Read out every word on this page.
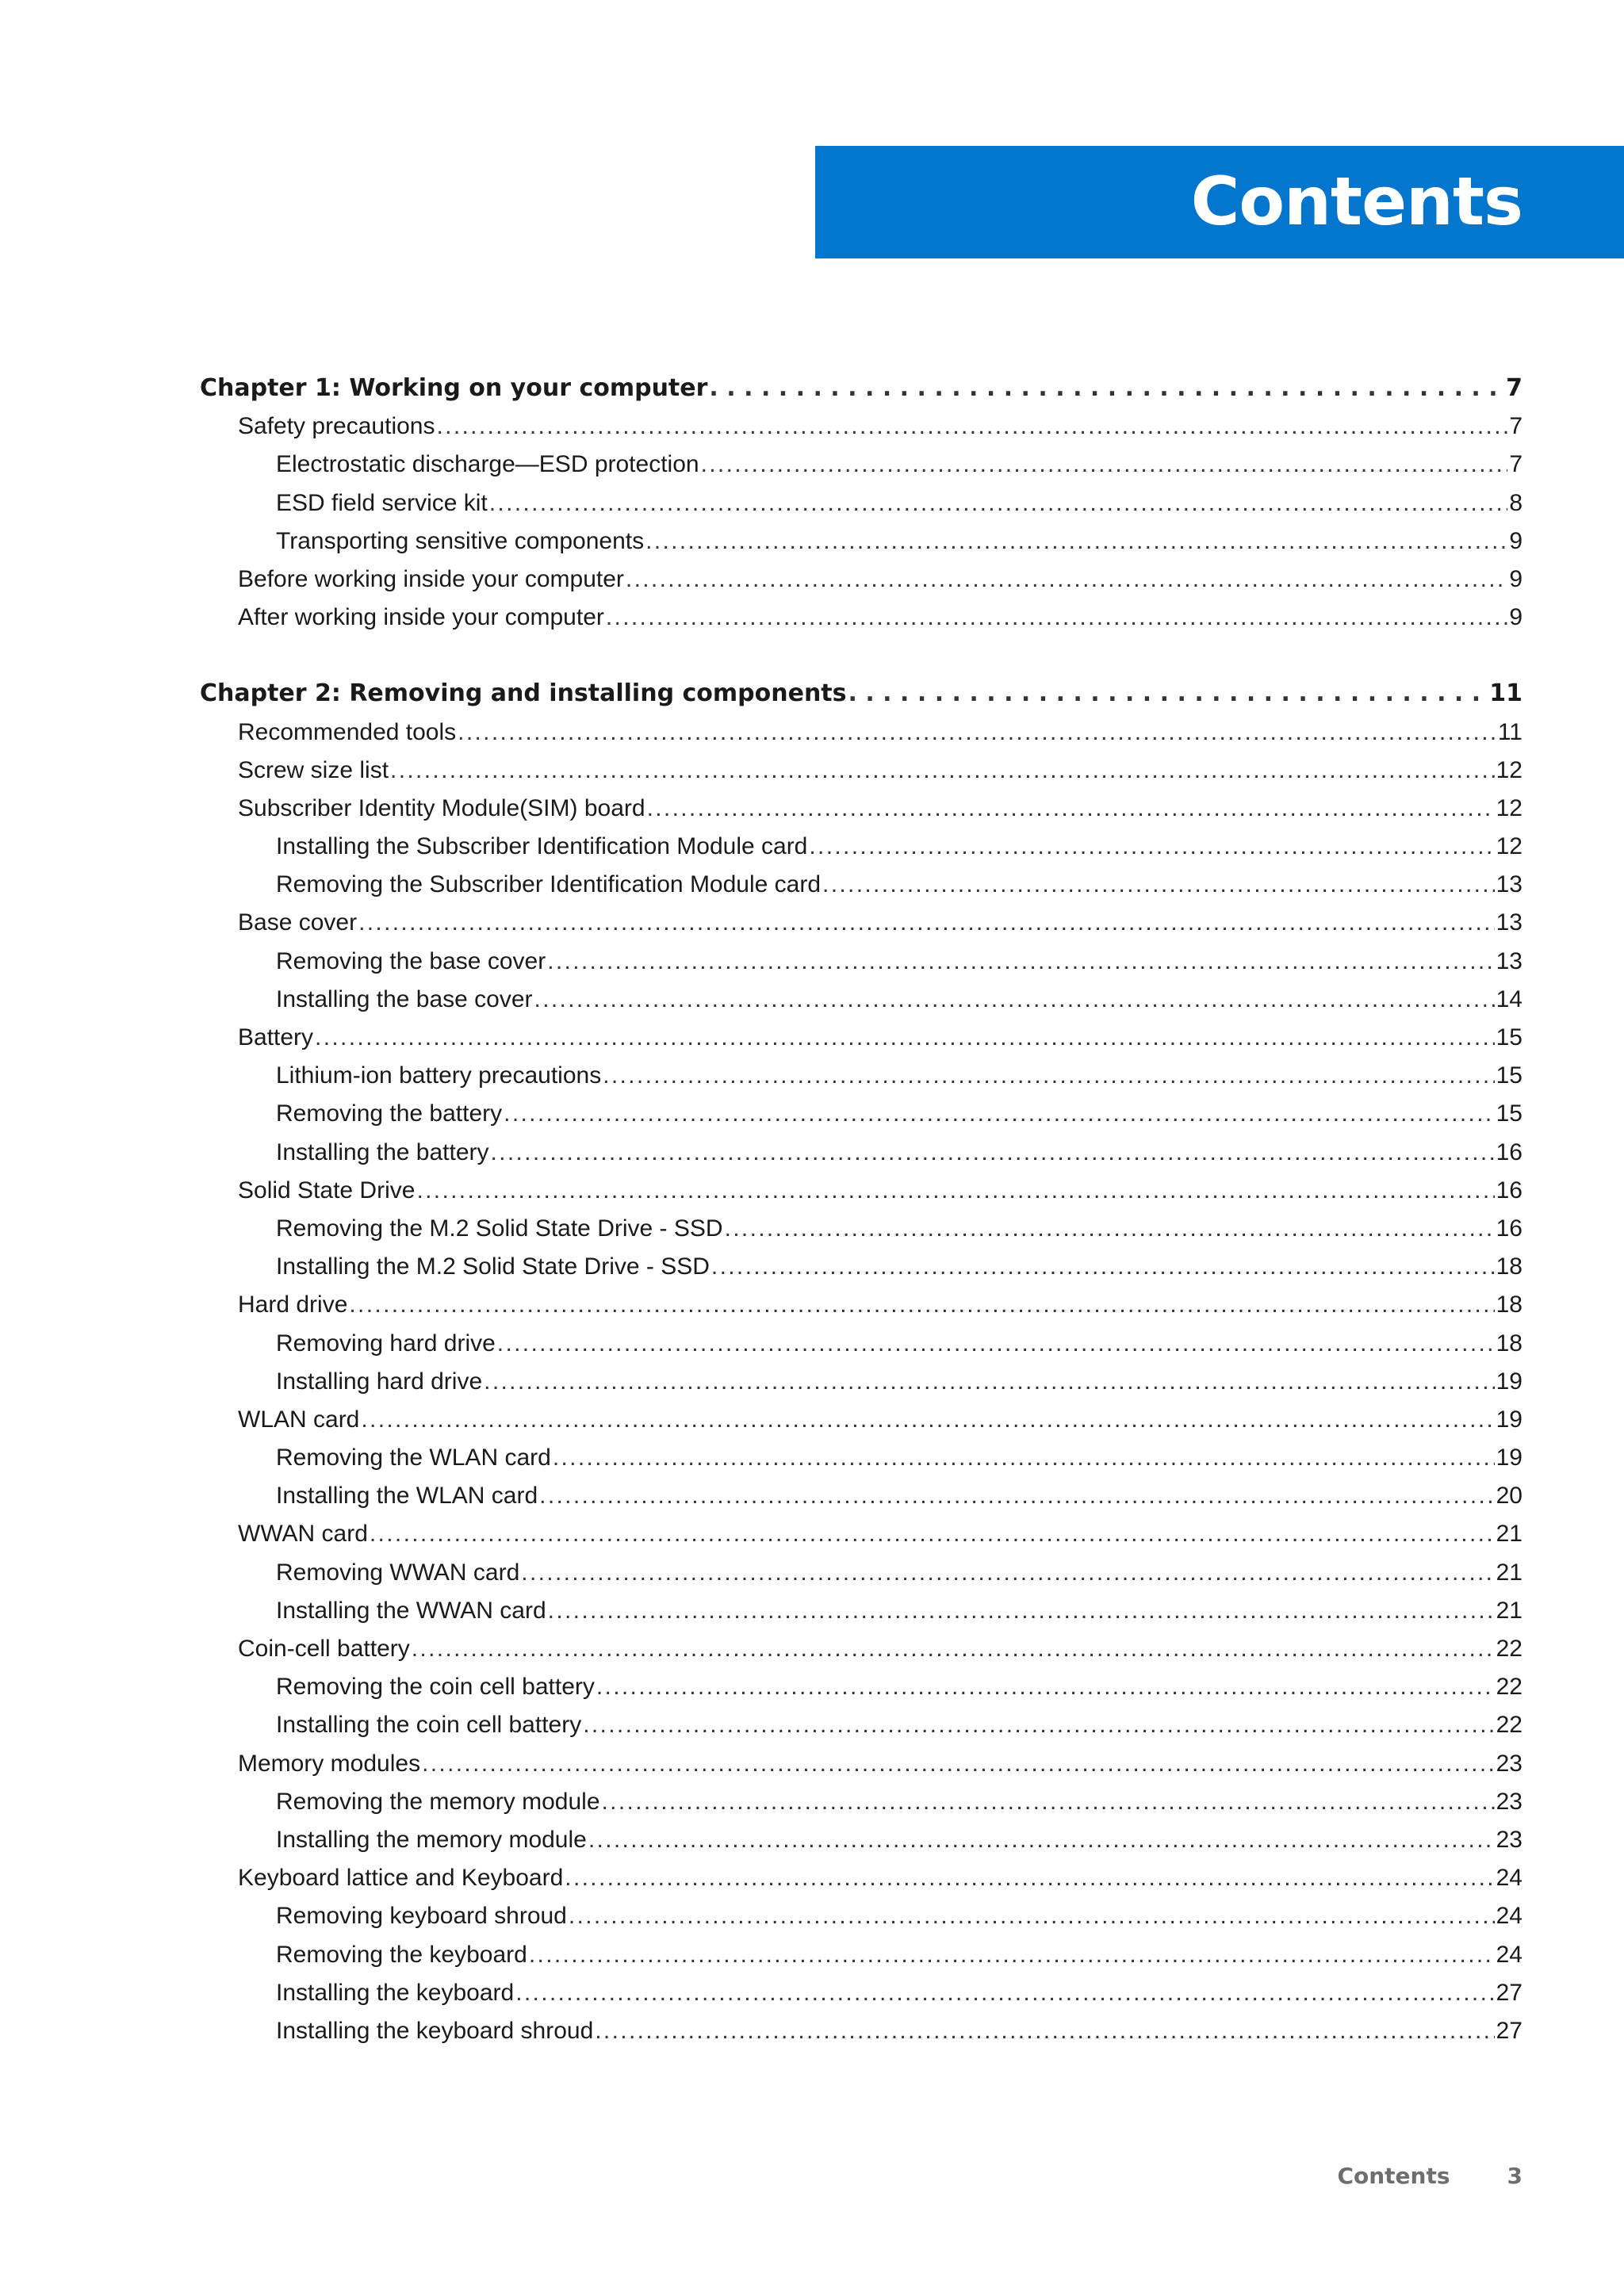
Contents
Chapter 1: Working on your computer . . .	7
Safety precautions . . .	7
Electrostatic discharge—ESD protection . . .	7
ESD field service kit . . .	8
Transporting sensitive components . . .	9
Before working inside your computer . . .	9
After working inside your computer . . .	9
Chapter 2: Removing and installing components . . .	11
Recommended tools . . .	11
Screw size list . . .	12
Subscriber Identity Module(SIM) board . . .	12
Installing the Subscriber Identification Module card . . .	12
Removing the Subscriber Identification Module card . . .	13
Base cover . . .	13
Removing the base cover . . .	13
Installing the base cover . . .	14
Battery . . .	15
Lithium-ion battery precautions . . .	15
Removing the battery . . .	15
Installing the battery . . .	16
Solid State Drive . . .	16
Removing the M.2 Solid State Drive - SSD . . .	16
Installing the M.2 Solid State Drive - SSD . . .	18
Hard drive . . .	18
Removing hard drive . . .	18
Installing hard drive . . .	19
WLAN card . . .	19
Removing the WLAN card . . .	19
Installing the WLAN card . . .	20
WWAN card . . .	21
Removing WWAN card . . .	21
Installing the WWAN card . . .	21
Coin-cell battery . . .	22
Removing the coin cell battery . . .	22
Installing the coin cell battery . . .	22
Memory modules . . .	23
Removing the memory module . . .	23
Installing the memory module . . .	23
Keyboard lattice and Keyboard . . .	24
Removing keyboard shroud . . .	24
Removing the keyboard . . .	24
Installing the keyboard . . .	27
Installing the keyboard shroud . . .	27
Contents	3
